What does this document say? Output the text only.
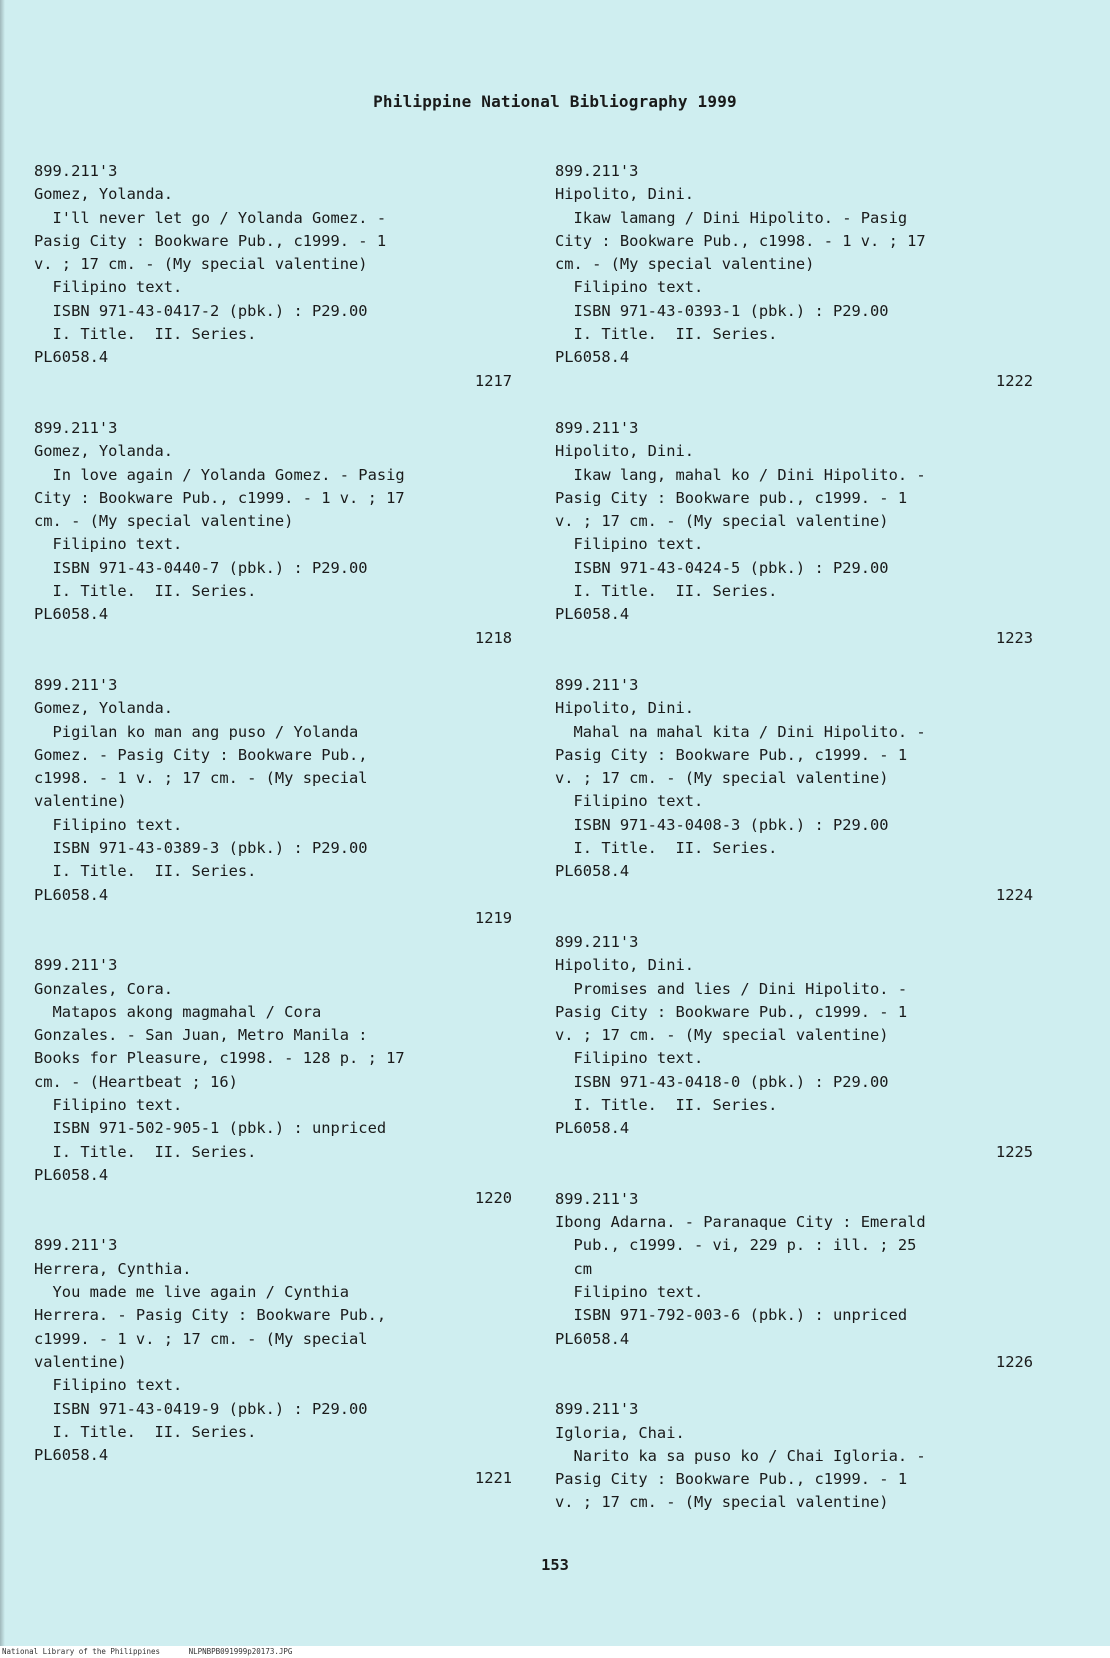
Philippine National Bibliography 1999
899.211'3
Gomez, Yolanda.
I'll never let go / Yolanda Gomez. -
Pasig City : Bookware Pub., c1999. - 1
v. ; 17 cm. - (My special valentine)
Filipino text.
ISBN 971-43-0417-2 (pbk.) : P29.00
I. Title.  II. Series.
PL6058.4
1217
899.211'3
Gomez, Yolanda.
In love again / Yolanda Gomez. - Pasig
City : Bookware Pub., c1999. - 1 v. ; 17
cm. - (My special valentine)
Filipino text.
ISBN 971-43-0440-7 (pbk.) : P29.00
I. Title.  II. Series.
PL6058.4
1218
899.211'3
Gomez, Yolanda.
Pigilan ko man ang puso / Yolanda
Gomez. - Pasig City : Bookware Pub.,
c1998. - 1 v. ; 17 cm. - (My special
valentine)
Filipino text.
ISBN 971-43-0389-3 (pbk.) : P29.00
I. Title.  II. Series.
PL6058.4
1219
899.211'3
Gonzales, Cora.
Matapos akong magmahal / Cora
Gonzales. - San Juan, Metro Manila :
Books for Pleasure, c1998. - 128 p. ; 17
cm. - (Heartbeat ; 16)
Filipino text.
ISBN 971-502-905-1 (pbk.) : unpriced
I. Title.  II. Series.
PL6058.4
1220
899.211'3
Herrera, Cynthia.
You made me live again / Cynthia
Herrera. - Pasig City : Bookware Pub.,
c1999. - 1 v. ; 17 cm. - (My special
valentine)
Filipino text.
ISBN 971-43-0419-9 (pbk.) : P29.00
I. Title.  II. Series.
PL6058.4
1221
899.211'3
Hipolito, Dini.
Ikaw lamang / Dini Hipolito. - Pasig
City : Bookware Pub., c1998. - 1 v. ; 17
cm. - (My special valentine)
Filipino text.
ISBN 971-43-0393-1 (pbk.) : P29.00
I. Title.  II. Series.
PL6058.4
1222
899.211'3
Hipolito, Dini.
Ikaw lang, mahal ko / Dini Hipolito. -
Pasig City : Bookware pub., c1999. - 1
v. ; 17 cm. - (My special valentine)
Filipino text.
ISBN 971-43-0424-5 (pbk.) : P29.00
I. Title.  II. Series.
PL6058.4
1223
899.211'3
Hipolito, Dini.
Mahal na mahal kita / Dini Hipolito. -
Pasig City : Bookware Pub., c1999. - 1
v. ; 17 cm. - (My special valentine)
Filipino text.
ISBN 971-43-0408-3 (pbk.) : P29.00
I. Title.  II. Series.
PL6058.4
1224
899.211'3
Hipolito, Dini.
Promises and lies / Dini Hipolito. -
Pasig City : Bookware Pub., c1999. - 1
v. ; 17 cm. - (My special valentine)
Filipino text.
ISBN 971-43-0418-0 (pbk.) : P29.00
I. Title.  II. Series.
PL6058.4
1225
899.211'3
Ibong Adarna. - Paranaque City : Emerald
Pub., c1999. - vi, 229 p. : ill. ; 25
cm
Filipino text.
ISBN 971-792-003-6 (pbk.) : unpriced
PL6058.4
1226
899.211'3
Igloria, Chai.
Narito ka sa puso ko / Chai Igloria. -
Pasig City : Bookware Pub., c1999. - 1
v. ; 17 cm. - (My special valentine)
153
National Library of the Philippines	NLPNBPB091999p20173.JPG
